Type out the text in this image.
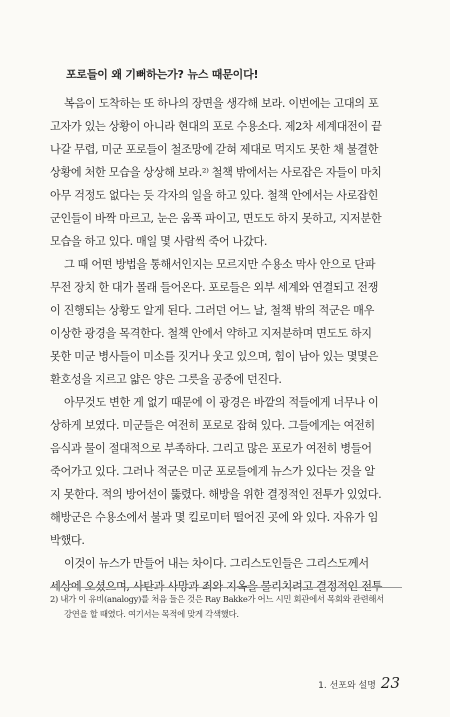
포로들이 왜 기뻐하는가? 뉴스 때문이다!

복음이 도착하는 또 하나의 장면을 생각해 보라. 이번에는 고대의 포
고자가 있는 상황이 아니라 현대의 포로 수용소다. 제2차 세계대전이 끝
나갈 무렵, 미군 포로들이 철조망에 갇혀 제대로 먹지도 못한 채 불결한
상황에 처한 모습을 상상해 보라.²⁾ 철책 밖에서는 사로잡은 자들이 마치
아무 걱정도 없다는 듯 각자의 일을 하고 있다. 철책 안에서는 사로잡힌
군인들이 바짝 마르고, 눈은 움푹 파이고, 면도도 하지 못하고, 지저분한
모습을 하고 있다. 매일 몇 사람씩 죽어 나갔다.

그 때 어떤 방법을 통해서인지는 모르지만 수용소 막사 안으로 단파
무전 장치 한 대가 몰래 들어온다. 포로들은 외부 세계와 연결되고 전쟁
이 진행되는 상황도 알게 된다. 그러던 어느 날, 철책 밖의 적군은 매우
이상한 광경을 목격한다. 철책 안에서 약하고 지저분하며 면도도 하지
못한 미군 병사들이 미소를 짓거나 웃고 있으며, 힘이 남아 있는 몇몇은
환호성을 지르고 얇은 양은 그릇을 공중에 던진다.

아무것도 변한 게 없기 때문에 이 광경은 바깥의 적들에게 너무나 이
상하게 보였다. 미군들은 여전히 포로로 잡혀 있다. 그들에게는 여전히
음식과 물이 절대적으로 부족하다. 그리고 많은 포로가 여전히 병들어
죽어가고 있다. 그러나 적군은 미군 포로들에게 뉴스가 있다는 것을 알
지 못한다. 적의 방어선이 뚫렸다. 해방을 위한 결정적인 전투가 있었다.
해방군은 수용소에서 불과 몇 킬로미터 떨어진 곳에 와 있다. 자유가 임
박했다.

이것이 뉴스가 만들어 내는 차이다. 그리스도인들은 그리스도께서
세상에 오셨으며, 사탄과 사망과 죄와 지옥을 물리치려고 결정적인 전투

2) 내가 이 유비(analogy)를 처음 들은 것은 Ray Bakke가 어느 시민 회관에서 목회와 관련해서
강연을 할 때였다. 여기서는 목적에 맞게 각색했다.
1. 선포와 설명 23
